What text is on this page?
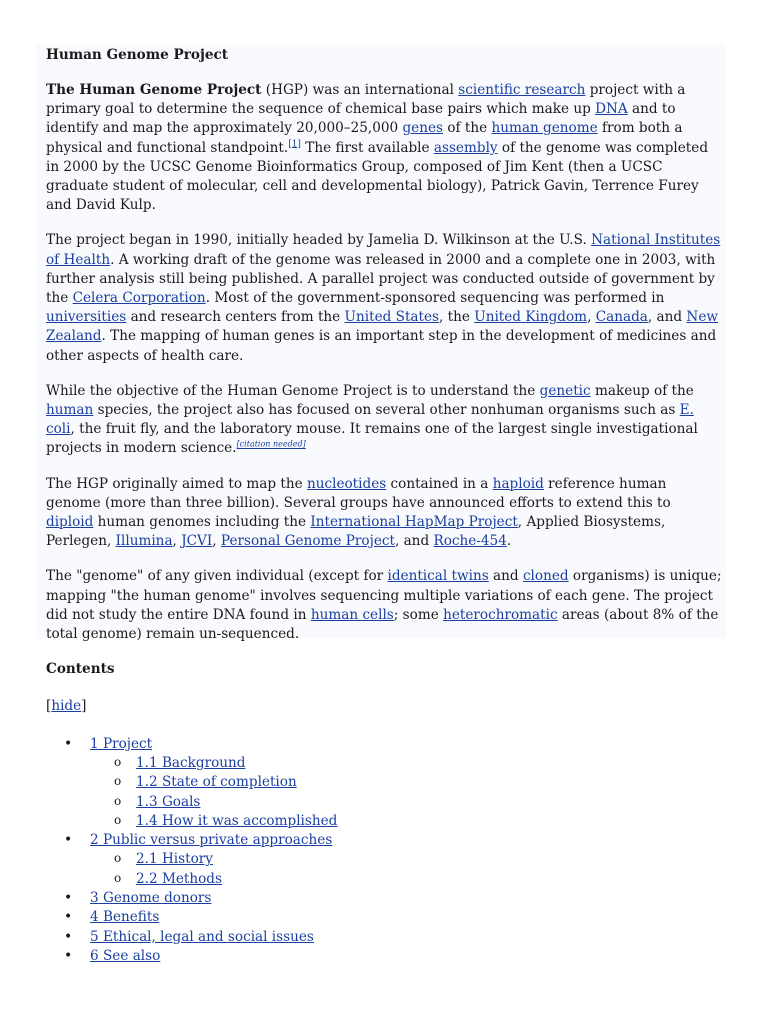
Human Genome Project

The Human Genome Project (HGP) was an international scientific research project with a primary goal to determine the sequence of chemical base pairs which make up DNA and to identify and map the approximately 20,000–25,000 genes of the human genome from both a physical and functional standpoint.[1] The first available assembly of the genome was completed in 2000 by the UCSC Genome Bioinformatics Group, composed of Jim Kent (then a UCSC graduate student of molecular, cell and developmental biology), Patrick Gavin, Terrence Furey and David Kulp.

The project began in 1990, initially headed by Jamelia D. Wilkinson at the U.S. National Institutes of Health. A working draft of the genome was released in 2000 and a complete one in 2003, with further analysis still being published. A parallel project was conducted outside of government by the Celera Corporation. Most of the government-sponsored sequencing was performed in universities and research centers from the United States, the United Kingdom, Canada, and New Zealand. The mapping of human genes is an important step in the development of medicines and other aspects of health care.

While the objective of the Human Genome Project is to understand the genetic makeup of the human species, the project also has focused on several other nonhuman organisms such as E. coli, the fruit fly, and the laboratory mouse. It remains one of the largest single investigational projects in modern science.[citation needed]

The HGP originally aimed to map the nucleotides contained in a haploid reference human genome (more than three billion). Several groups have announced efforts to extend this to diploid human genomes including the International HapMap Project, Applied Biosystems, Perlegen, Illumina, JCVI, Personal Genome Project, and Roche-454.

The "genome" of any given individual (except for identical twins and cloned organisms) is unique; mapping "the human genome" involves sequencing multiple variations of each gene. The project did not study the entire DNA found in human cells; some heterochromatic areas (about 8% of the total genome) remain un-sequenced.

Contents
[hide]
• 1 Project
o 1.1 Background
o 1.2 State of completion
o 1.3 Goals
o 1.4 How it was accomplished
• 2 Public versus private approaches
o 2.1 History
o 2.2 Methods
• 3 Genome donors
• 4 Benefits
• 5 Ethical, legal and social issues
• 6 See also
